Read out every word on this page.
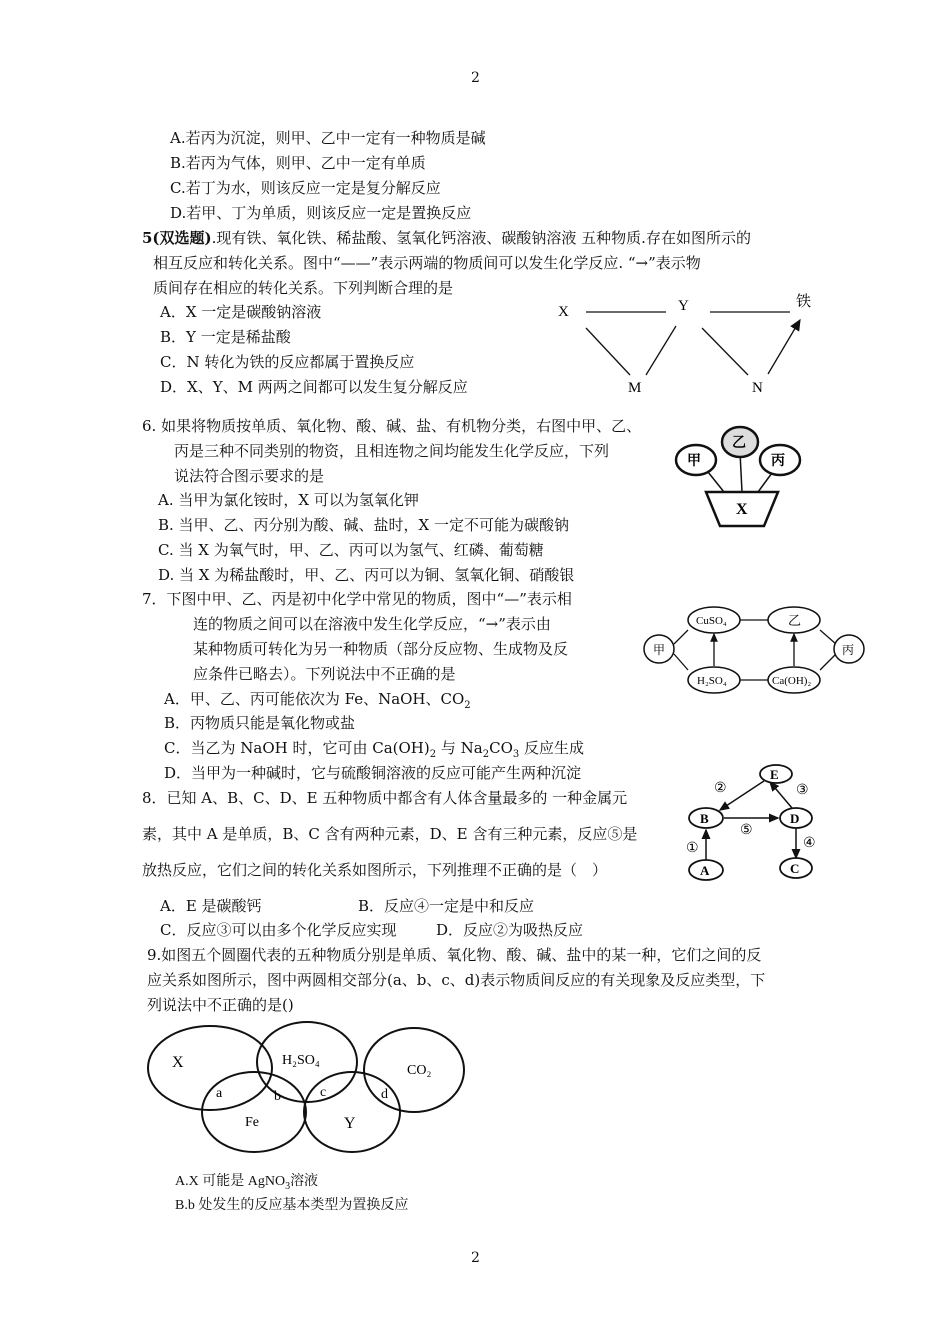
2
2
A.若丙为沉淀，则甲、乙中一定有一种物质是碱
B.若丙为气体，则甲、乙中一定有单质
C.若丁为水，则该反应一定是复分解反应
D.若甲、丁为单质，则该反应一定是置换反应
5(双选题).现有铁、氧化铁、稀盐酸、氢氧化钙溶液、碳酸钠溶液 五种物质.存在如图所示的
相互反应和转化关系。图中“——”表示两端的物质间可以发生化学反应. “→”表示物
质间存在相应的转化关系。下列判断合理的是
A．X 一定是碳酸钠溶液
B．Y 一定是稀盐酸
C．N 转化为铁的反应都属于置换反应
D．X、Y、M 两两之间都可以发生复分解反应
X	Y	铁
M	N
6. 如果将物质按单质、氧化物、酸、碱、盐、有机物分类，右图中甲、乙、
丙是三种不同类别的物资，且相连物之间均能发生化学反应，下列
说法符合图示要求的是
A. 当甲为氯化铵时，X 可以为氢氧化钾
B. 当甲、乙、丙分别为酸、碱、盐时，X 一定不可能为碳酸钠
C. 当 X 为氧气时，甲、乙、丙可以为氢气、红磷、葡萄糖
D. 当 X 为稀盐酸时，甲、乙、丙可以为铜、氢氧化铜、硝酸银
甲
乙
丙
X
7．下图中甲、乙、丙是初中化学中常见的物质，图中“—”表示相
连的物质之间可以在溶液中发生化学反应，“→”表示由
某种物质可转化为另一种物质（部分反应物、生成物及反
应条件已略去）。下列说法中不正确的是
A．甲、乙、丙可能依次为 Fe、NaOH、$CO_2$
B．丙物质只能是氧化物或盐
C．当乙为 NaOH 时，它可由 $Ca(OH)_2$ 与 $Na_2CO_3$ 反应生成
D．当甲为一种碱时，它与硫酸铜溶液的反应可能产生两种沉淀
CuSO₄	乙
甲	丙
H₂SO₄	Ca(OH)₂
8．已知 A、B、C、D、E 五种物质中都含有人体含量最多的 一种金属元
素，其中 A 是单质，B、C 含有两种元素，D、E 含有三种元素，反应⑤是
放热反应，它们之间的转化关系如图所示，下列推理不正确的是（　）
A．E 是碳酸钙	B．反应④一定是中和反应
C．反应③可以由多个化学反应实现	D．反应②为吸热反应
E
B	D
A	C
②	③
⑤
①	④
9.如图五个圆圈代表的五种物质分别是单质、氧化物、酸、碱、盐中的某一种，它们之间的反
应关系如图所示，图中两圆相交部分(a、b、c、d)表示物质间反应的有关现象及反应类型，下
列说法中不正确的是()
X	H₂SO₄
CO₂
Fe	Y
a	b	c	d
A.X 可能是 AgNO$_3$溶液
B.b 处发生的反应基本类型为置换反应
